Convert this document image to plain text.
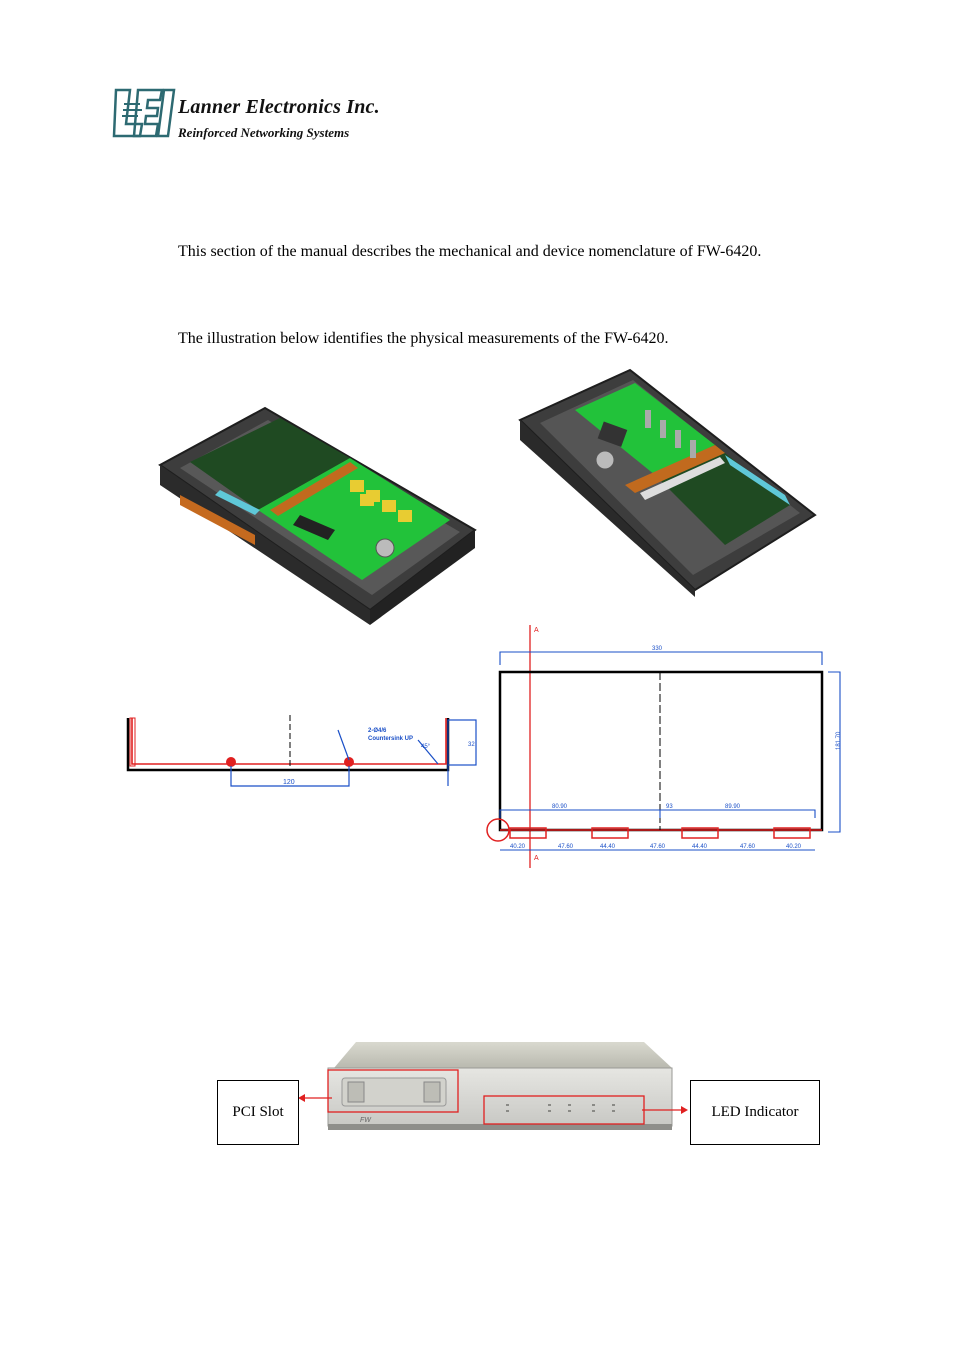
Lanner Electronics Inc.
Reinforced Networking Systems
This section of the manual describes the mechanical and device nomenclature of FW-6420.
The illustration below identifies the physical measurements of the FW-6420.
120
2-Ø4/6
Countersink UP
45°	32
A
A
330
181.70
80.90	93	89.90
40.20	47.60	44.40	47.60	44.40	47.60	40.20
FW
PCI Slot	LED Indicator
